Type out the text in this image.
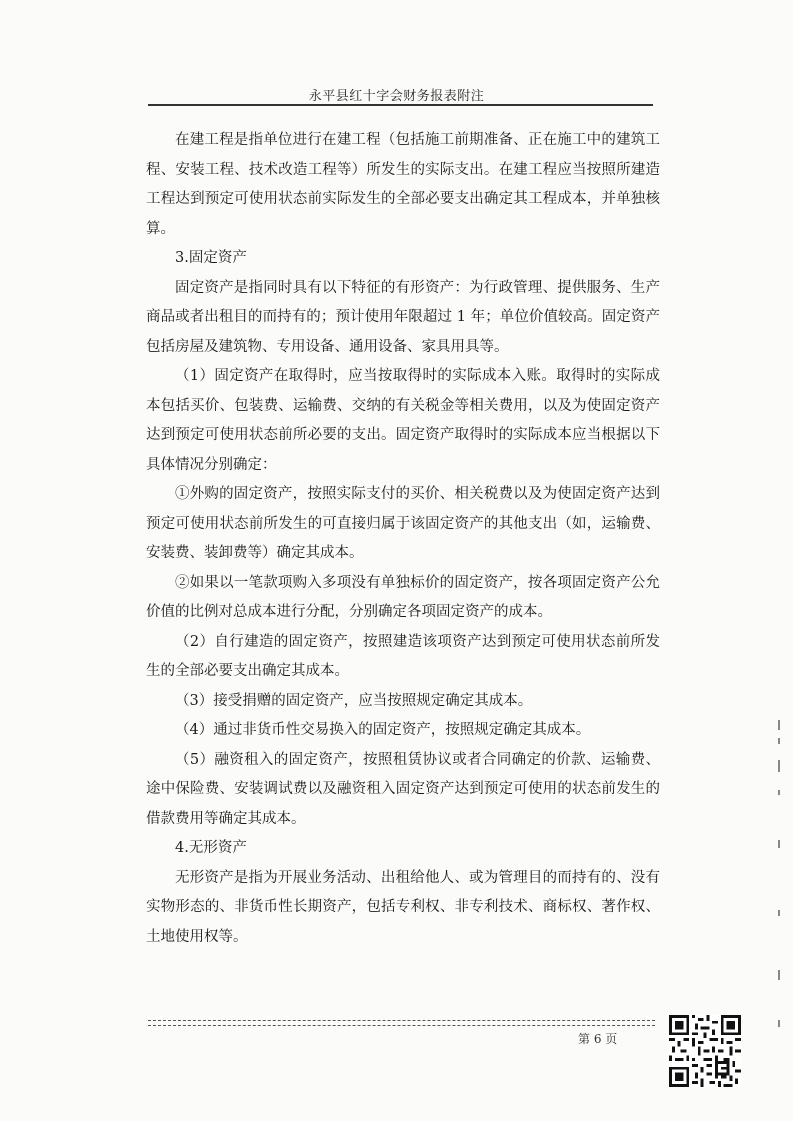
永平县红十字会财务报表附注

在建工程是指单位进行在建工程（包括施工前期准备、正在施工中的建筑工程、安装工程、技术改造工程等）所发生的实际支出。在建工程应当按照所建造工程达到预定可使用状态前实际发生的全部必要支出确定其工程成本，并单独核算。

3.固定资产

固定资产是指同时具有以下特征的有形资产：为行政管理、提供服务、生产商品或者出租目的而持有的；预计使用年限超过 1 年；单位价值较高。固定资产包括房屋及建筑物、专用设备、通用设备、家具用具等。

（1）固定资产在取得时，应当按取得时的实际成本入账。取得时的实际成本包括买价、包装费、运输费、交纳的有关税金等相关费用，以及为使固定资产达到预定可使用状态前所必要的支出。固定资产取得时的实际成本应当根据以下具体情况分别确定：

①外购的固定资产，按照实际支付的买价、相关税费以及为使固定资产达到预定可使用状态前所发生的可直接归属于该固定资产的其他支出（如，运输费、安装费、装卸费等）确定其成本。

②如果以一笔款项购入多项没有单独标价的固定资产，按各项固定资产公允价值的比例对总成本进行分配，分别确定各项固定资产的成本。

（2）自行建造的固定资产，按照建造该项资产达到预定可使用状态前所发生的全部必要支出确定其成本。

（3）接受捐赠的固定资产，应当按照规定确定其成本。

（4）通过非货币性交易换入的固定资产，按照规定确定其成本。

（5）融资租入的固定资产，按照租赁协议或者合同确定的价款、运输费、途中保险费、安装调试费以及融资租入固定资产达到预定可使用的状态前发生的借款费用等确定其成本。

4.无形资产

无形资产是指为开展业务活动、出租给他人、或为管理目的而持有的、没有实物形态的、非货币性长期资产，包括专利权、非专利技术、商标权、著作权、土地使用权等。

第 6 页
